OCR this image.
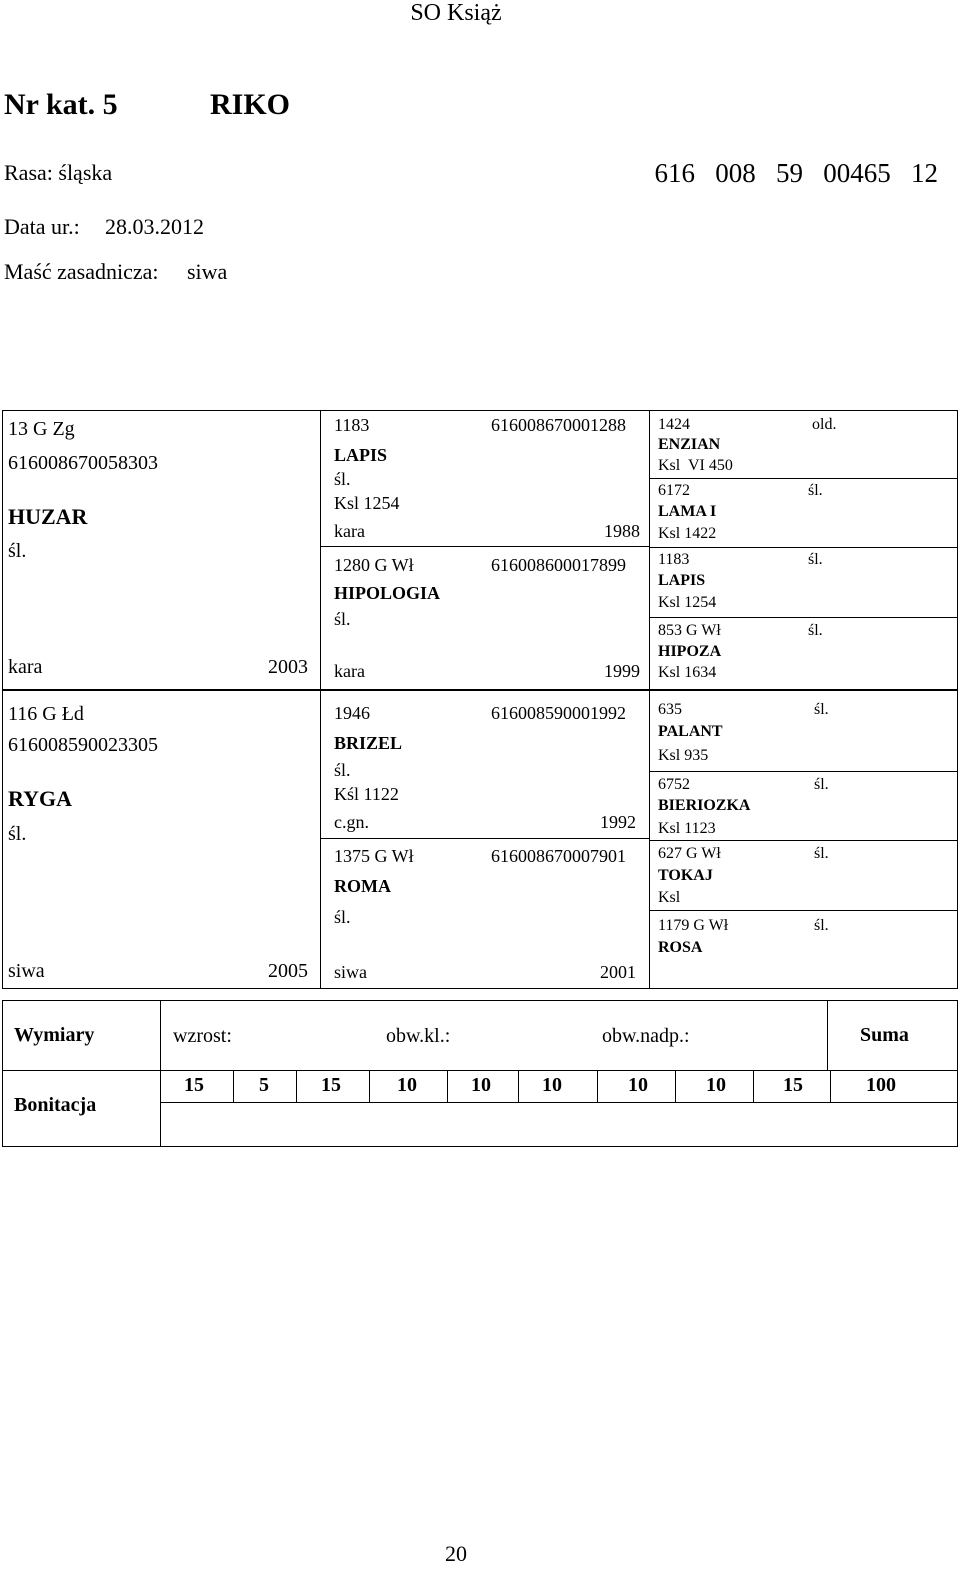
SO Książ
Nr kat. 5	RIKO
Rasa: śląska	616   008   59   00465   12
Data ur.: 28.03.2012
Maść zasadnicza: siwa
13 G Zg
616008670058303
HUZAR
śl.
kara	2003
1183	616008670001288
LAPIS
śl.
Ksl 1254
kara	1988
1280 G Wł	616008600017899
HIPOLOGIA
śl.
kara	1999
1424	old.
ENZIAN
Ksl  VI 450
6172	śl.
LAMA I
Ksl 1422
1183	śl.
LAPIS
Ksl 1254
853 G Wł	śl.
HIPOZA
Ksl 1634
116 G Łd
616008590023305
RYGA
śl.
siwa	2005
1946	616008590001992
BRIZEL
śl.
Kśl 1122
c.gn.	1992
1375 G Wł	616008670007901
ROMA
śl.
siwa	2001
635	śl.
PALANT
Ksl 935
6752	śl.
BIERIOZKA
Ksl 1123
627 G Wł	śl.
TOKAJ
Ksl
1179 G Wł	śl.
ROSA
Wymiary	wzrost:	obw.kl.:	obw.nadp.:	Suma
Bonitacja
15	5	15	10	10	10	10	10	15	100
20
